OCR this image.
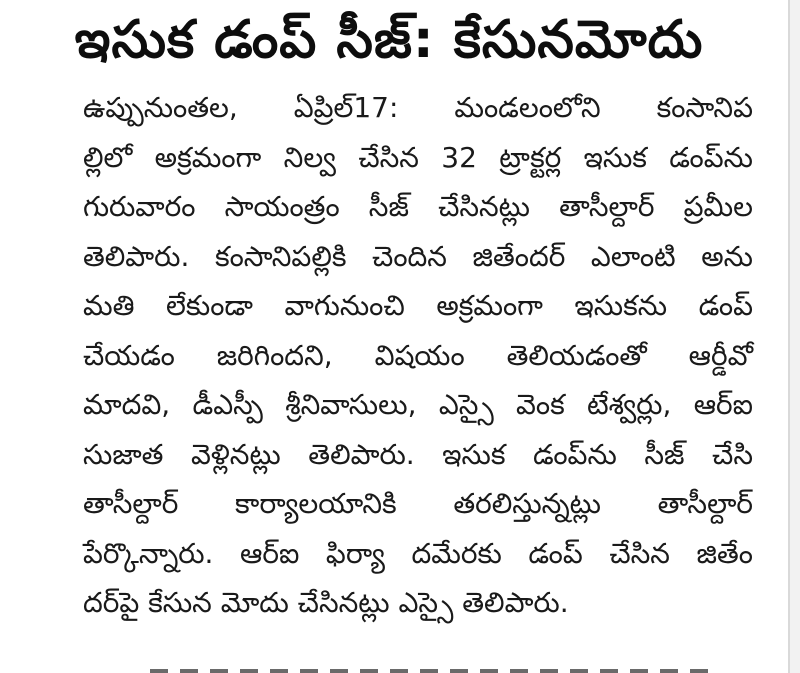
ఇసుక డంప్ సీజ్: కేసునమోదు
ఉప్పునుంతల, ఏప్రిల్17: మండలంలోని కంసానిప
ల్లిలో అక్రమంగా నిల్వ చేసిన 32 ట్రాక్టర్ల ఇసుక డంప్‌ను
గురువారం సాయంత్రం సీజ్ చేసినట్లు తాసీల్దార్ ప్రమీల
తెలిపారు. కంసానిపల్లికి చెందిన జితేందర్ ఎలాంటి అను
మతి లేకుండా వాగునుంచి అక్రమంగా ఇసుకను డంప్
చేయడం జరిగిందని, విషయం తెలియడంతో ఆర్డీవో
మాదవి, డీఎస్పీ శ్రీనివాసులు, ఎస్సై వెంక టేశ్వర్లు, ఆర్‌ఐ
సుజాత వెళ్లినట్లు తెలిపారు. ఇసుక డంప్‌ను సీజ్ చేసి
తాసీల్దార్ కార్యాలయానికి తరలిస్తున్నట్లు తాసీల్దార్
పేర్కొన్నారు. ఆర్‌ఐ ఫిర్యా దమేరకు డంప్ చేసిన జితేం
దర్‌పై కేసున మోదు చేసినట్లు ఎస్సై తెలిపారు.
